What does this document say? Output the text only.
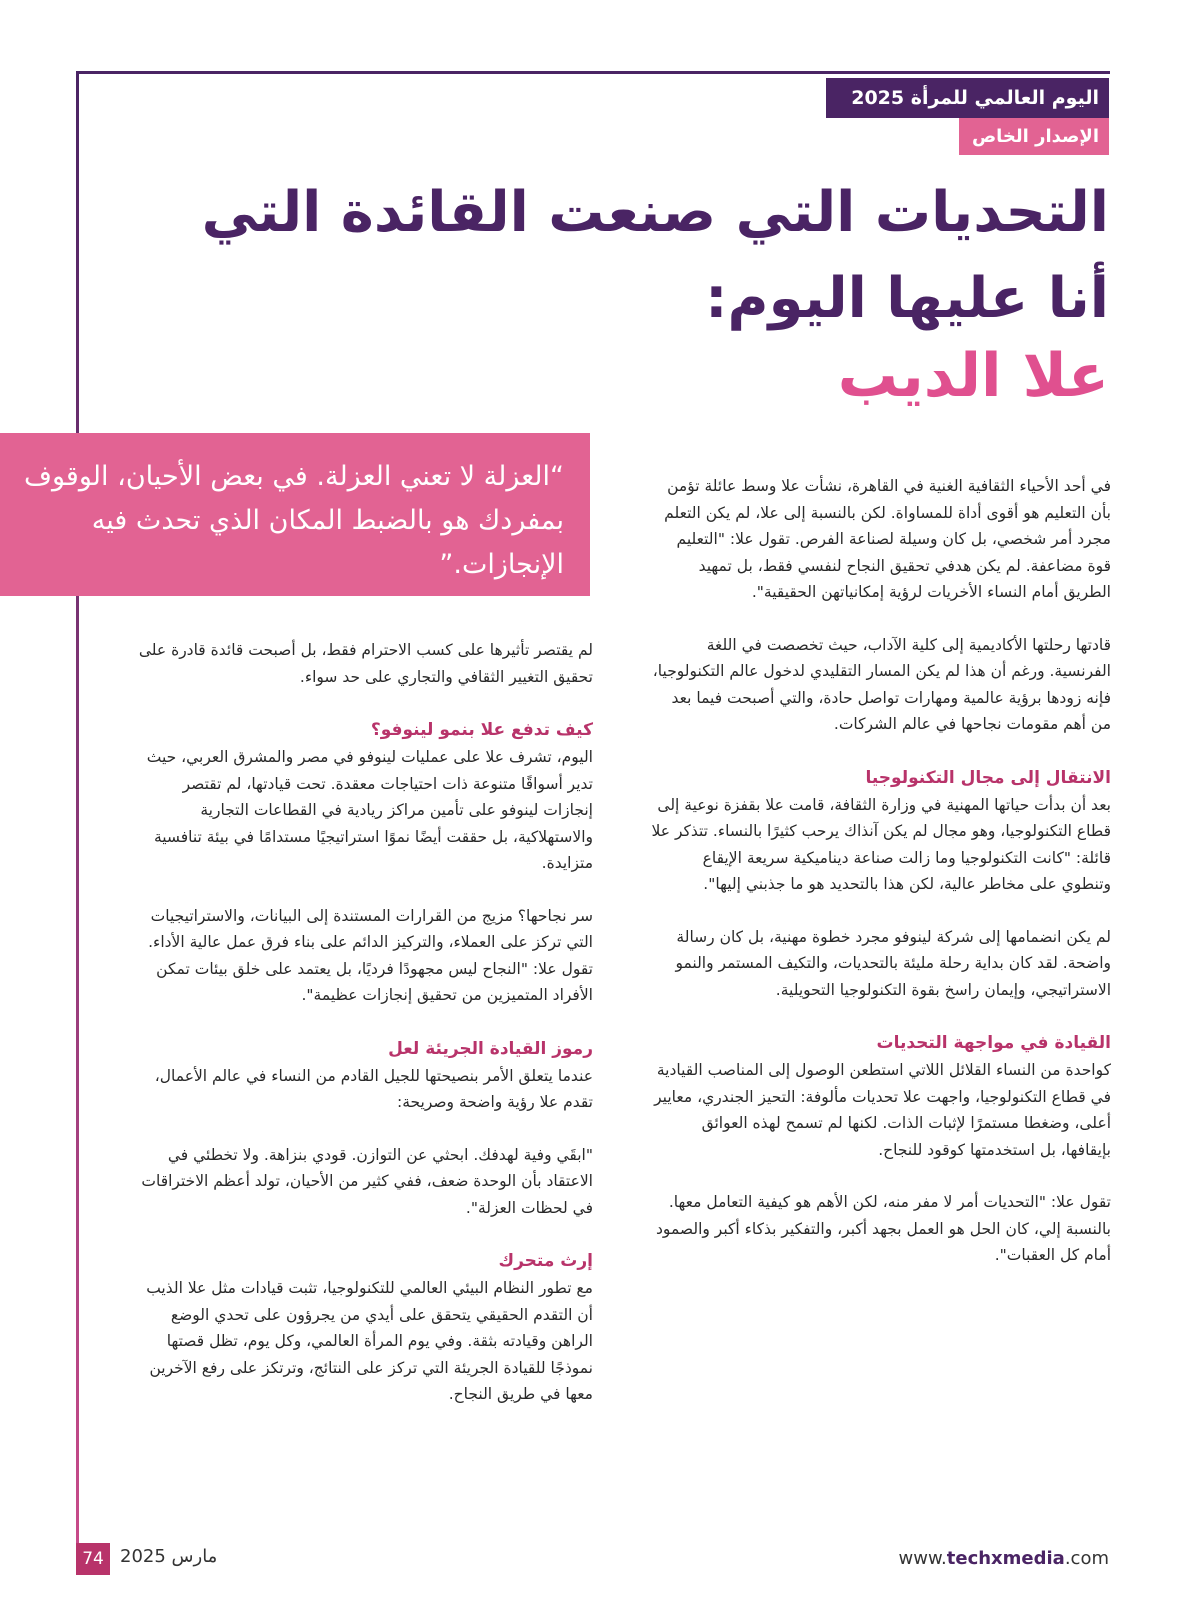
اليوم العالمي للمرأة 2025
الإصدار الخاص
التحديات التي صنعت القائدة التي
أنا عليها اليوم:
علا الديب
“العزلة لا تعني العزلة. في بعض الأحيان، الوقوف بمفردك هو بالضبط المكان الذي تحدث فيه الإنجازات.”

في أحد الأحياء الثقافية الغنية في القاهرة، نشأت علا وسط عائلة تؤمن بأن التعليم هو أقوى أداة للمساواة. لكن بالنسبة إلى علا، لم يكن التعلم مجرد أمر شخصي، بل كان وسيلة لصناعة الفرص. تقول علا: "التعليم قوة مضاعفة. لم يكن هدفي تحقيق النجاح لنفسي فقط، بل تمهيد الطريق أمام النساء الأخريات لرؤية إمكانياتهن الحقيقية".

قادتها رحلتها الأكاديمية إلى كلية الآداب، حيث تخصصت في اللغة الفرنسية. ورغم أن هذا لم يكن المسار التقليدي لدخول عالم التكنولوجيا، فإنه زودها برؤية عالمية ومهارات تواصل حادة، والتي أصبحت فيما بعد من أهم مقومات نجاحها في عالم الشركات.

الانتقال إلى مجال التكنولوجيا

بعد أن بدأت حياتها المهنية في وزارة الثقافة، قامت علا بقفزة نوعية إلى قطاع التكنولوجيا، وهو مجال لم يكن آنذاك يرحب كثيرًا بالنساء. تتذكر علا قائلة: "كانت التكنولوجيا وما زالت صناعة ديناميكية سريعة الإيقاع وتنطوي على مخاطر عالية، لكن هذا بالتحديد هو ما جذبني إليها".

لم يكن انضمامها إلى شركة لينوفو مجرد خطوة مهنية، بل كان رسالة واضحة. لقد كان بداية رحلة مليئة بالتحديات، والتكيف المستمر والنمو الاستراتيجي، وإيمان راسخ بقوة التكنولوجيا التحويلية.

القيادة في مواجهة التحديات

كواحدة من النساء القلائل اللاتي استطعن الوصول إلى المناصب القيادية في قطاع التكنولوجيا، واجهت علا تحديات مألوفة: التحيز الجندري، معايير أعلى، وضغطا مستمرًا لإثبات الذات. لكنها لم تسمح لهذه العوائق بإيقافها، بل استخدمتها كوقود للنجاح.

تقول علا: "التحديات أمر لا مفر منه، لكن الأهم هو كيفية التعامل معها. بالنسبة إلي، كان الحل هو العمل بجهد أكبر، والتفكير بذكاء أكبر والصمود أمام كل العقبات".

لم يقتصر تأثيرها على كسب الاحترام فقط، بل أصبحت قائدة قادرة على تحقيق التغيير الثقافي والتجاري على حد سواء.

كيف تدفع علا بنمو لينوفو؟

اليوم، تشرف علا على عمليات لينوفو في مصر والمشرق العربي، حيث تدير أسواقًا متنوعة ذات احتياجات معقدة. تحت قيادتها، لم تقتصر إنجازات لينوفو على تأمين مراكز ريادية في القطاعات التجارية والاستهلاكية، بل حققت أيضًا نموًا استراتيجيًا مستدامًا في بيئة تنافسية متزايدة.

سر نجاحها؟ مزيج من القرارات المستندة إلى البيانات، والاستراتيجيات التي تركز على العملاء، والتركيز الدائم على بناء فرق عمل عالية الأداء. تقول علا: "النجاح ليس مجهودًا فرديًا، بل يعتمد على خلق بيئات تمكن الأفراد المتميزين من تحقيق إنجازات عظيمة".

رموز القيادة الجريئة لعل

عندما يتعلق الأمر بنصيحتها للجيل القادم من النساء في عالم الأعمال، تقدم علا رؤية واضحة وصريحة:

"ابقَي وفية لهدفك. ابحثي عن التوازن. قودي بنزاهة. ولا تخطئي في الاعتقاد بأن الوحدة ضعف، ففي كثير من الأحيان، تولد أعظم الاختراقات في لحظات العزلة".

إرث متحرك

مع تطور النظام البيئي العالمي للتكنولوجيا، تثبت قيادات مثل علا الذيب أن التقدم الحقيقي يتحقق على أيدي من يجرؤون على تحدي الوضع الراهن وقيادته بثقة. وفي يوم المرأة العالمي، وكل يوم، تظل قصتها نموذجًا للقيادة الجريئة التي تركز على النتائج، وترتكز على رفع الآخرين معها في طريق النجاح.

74 مارس 2025	www.techxmedia.com
